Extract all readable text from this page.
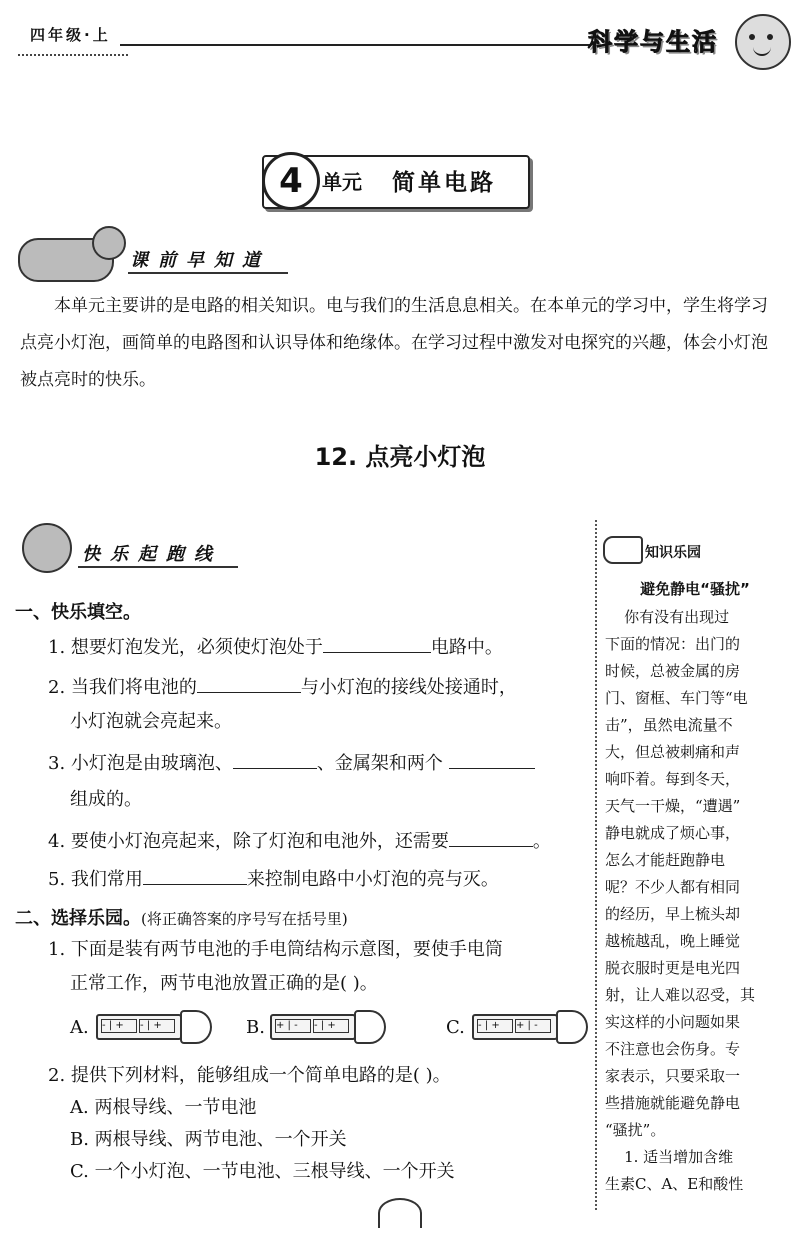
四年级·上	科学与生活
4 单元 简单电路
课前早知道

本单元主要讲的是电路的相关知识。电与我们的生活息息相关。在本单元的学习中，学生将学习点亮小灯泡，画简单的电路图和认识导体和绝缘体。在学习过程中激发对电探究的兴趣，体会小灯泡被点亮时的快乐。

12. 点亮小灯泡
快乐起跑线
一、快乐填空。
1. 想要灯泡发光，必须使灯泡处于	电路中。
2. 当我们将电池的	与小灯泡的接线处接通时，
小灯泡就会亮起来。
3. 小灯泡是由玻璃泡、	、金属架和两个
组成的。
4. 要使小灯泡亮起来，除了灯泡和电池外，还需要	。
5. 我们常用	来控制电路中小灯泡的亮与灭。
二、选择乐园。(将正确答案的序号写在括号里)
1. 下面是装有两节电池的手电筒结构示意图，要使手电筒
正常工作，两节电池放置正确的是( )。
A. - | +	- | +	B. + | -	- | +	C. - | +	+ | -
2. 提供下列材料，能够组成一个简单电路的是( )。
A. 两根导线、一节电池
B. 两根导线、两节电池、一个开关
C. 一个小灯泡、一节电池、三根导线、一个开关
知识乐园
避免静电“骚扰”
你有没有出现过
下面的情况：出门的
时候，总被金属的房
门、窗框、车门等“电
击”，虽然电流量不
大，但总被刺痛和声
响吓着。每到冬天，
天气一干燥，“遭遇”
静电就成了烦心事，
怎么才能赶跑静电
呢？不少人都有相同
的经历，早上梳头却
越梳越乱，晚上睡觉
脱衣服时更是电光四
射，让人难以忍受，其
实这样的小问题如果
不注意也会伤身。专
家表示，只要采取一
些措施就能避免静电
“骚扰”。
1. 适当增加含维
生素C、A、E和酸性
